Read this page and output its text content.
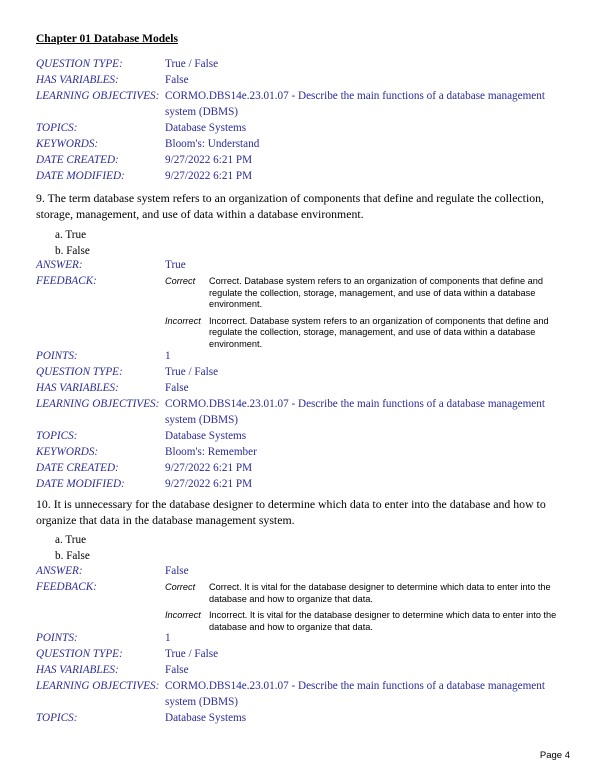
Chapter 01 Database Models
QUESTION TYPE:	True / False
HAS VARIABLES:	False
LEARNING OBJECTIVES: CORMO.DBS14e.23.01.07 - Describe the main functions of a database management system (DBMS)
TOPICS:	Database Systems
KEYWORDS:	Bloom's: Understand
DATE CREATED:	9/27/2022 6:21 PM
DATE MODIFIED:	9/27/2022 6:21 PM
9. The term database system refers to an organization of components that define and regulate the collection, storage, management, and use of data within a database environment.
a. True
b. False
ANSWER:	True
FEEDBACK:	Correct	Correct. Database system refers to an organization of components that define and regulate the collection, storage, management, and use of data within a database environment.
Incorrect Incorrect. Database system refers to an organization of components that define and regulate the collection, storage, management, and use of data within a database environment.
POINTS:	1
QUESTION TYPE:	True / False
HAS VARIABLES:	False
LEARNING OBJECTIVES: CORMO.DBS14e.23.01.07 - Describe the main functions of a database management system (DBMS)
TOPICS:	Database Systems
KEYWORDS:	Bloom's: Remember
DATE CREATED:	9/27/2022 6:21 PM
DATE MODIFIED:	9/27/2022 6:21 PM
10. It is unnecessary for the database designer to determine which data to enter into the database and how to organize that data in the database management system.
a. True
b. False
ANSWER:	False
FEEDBACK:	Correct	Correct. It is vital for the database designer to determine which data to enter into the database and how to organize that data.
Incorrect Incorrect. It is vital for the database designer to determine which data to enter into the database and how to organize that data.
POINTS:	1
QUESTION TYPE:	True / False
HAS VARIABLES:	False
LEARNING OBJECTIVES: CORMO.DBS14e.23.01.07 - Describe the main functions of a database management system (DBMS)
TOPICS:	Database Systems
Page 4
